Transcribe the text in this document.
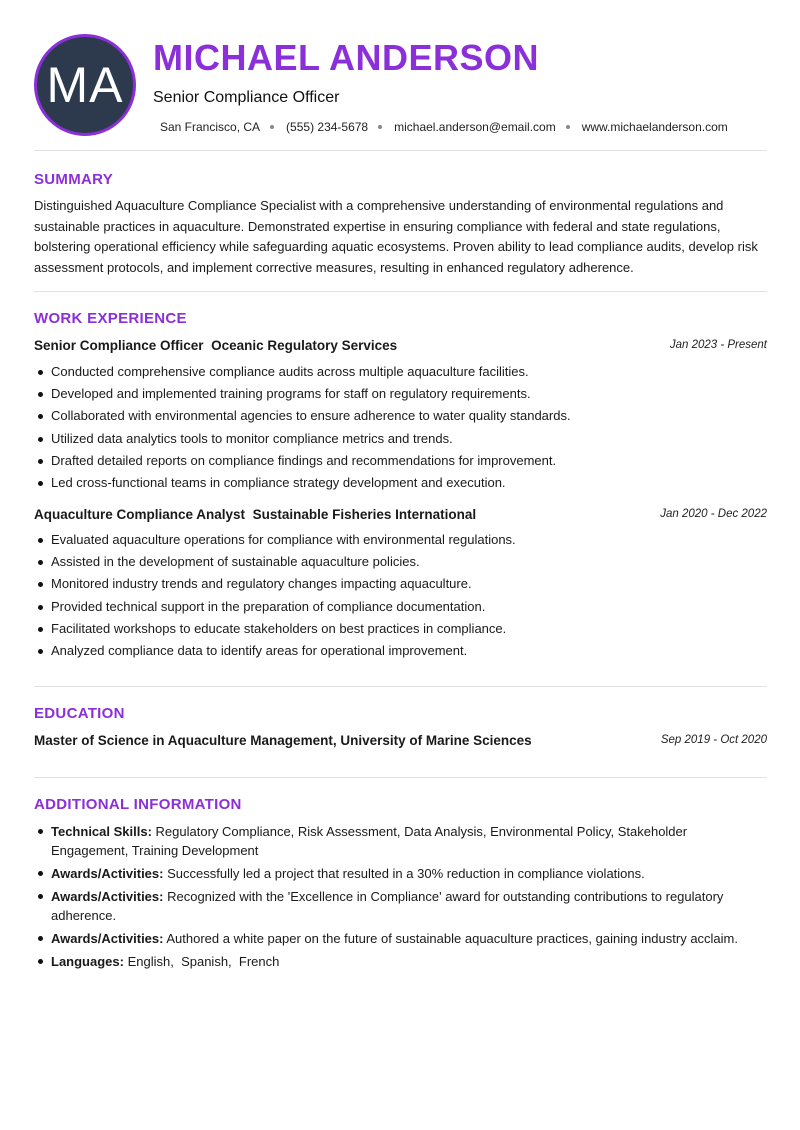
MA MICHAEL ANDERSON
Senior Compliance Officer
San Francisco, CA (555) 234-5678 michael.anderson@email.com www.michaelanderson.com
SUMMARY
Distinguished Aquaculture Compliance Specialist with a comprehensive understanding of environmental regulations and sustainable practices in aquaculture. Demonstrated expertise in ensuring compliance with federal and state regulations, bolstering operational efficiency while safeguarding aquatic ecosystems. Proven ability to lead compliance audits, develop risk assessment protocols, and implement corrective measures, resulting in enhanced regulatory adherence.
WORK EXPERIENCE
Senior Compliance Officer Oceanic Regulatory Services	Jan 2023 - Present
Conducted comprehensive compliance audits across multiple aquaculture facilities.
Developed and implemented training programs for staff on regulatory requirements.
Collaborated with environmental agencies to ensure adherence to water quality standards.
Utilized data analytics tools to monitor compliance metrics and trends.
Drafted detailed reports on compliance findings and recommendations for improvement.
Led cross-functional teams in compliance strategy development and execution.
Aquaculture Compliance Analyst Sustainable Fisheries International	Jan 2020 - Dec 2022
Evaluated aquaculture operations for compliance with environmental regulations.
Assisted in the development of sustainable aquaculture policies.
Monitored industry trends and regulatory changes impacting aquaculture.
Provided technical support in the preparation of compliance documentation.
Facilitated workshops to educate stakeholders on best practices in compliance.
Analyzed compliance data to identify areas for operational improvement.
EDUCATION
Master of Science in Aquaculture Management, University of Marine Sciences	Sep 2019 - Oct 2020
ADDITIONAL INFORMATION
Technical Skills: Regulatory Compliance, Risk Assessment, Data Analysis, Environmental Policy, Stakeholder Engagement, Training Development
Awards/Activities: Successfully led a project that resulted in a 30% reduction in compliance violations.
Awards/Activities: Recognized with the 'Excellence in Compliance' award for outstanding contributions to regulatory adherence.
Awards/Activities: Authored a white paper on the future of sustainable aquaculture practices, gaining industry acclaim.
Languages: English,  Spanish,  French
